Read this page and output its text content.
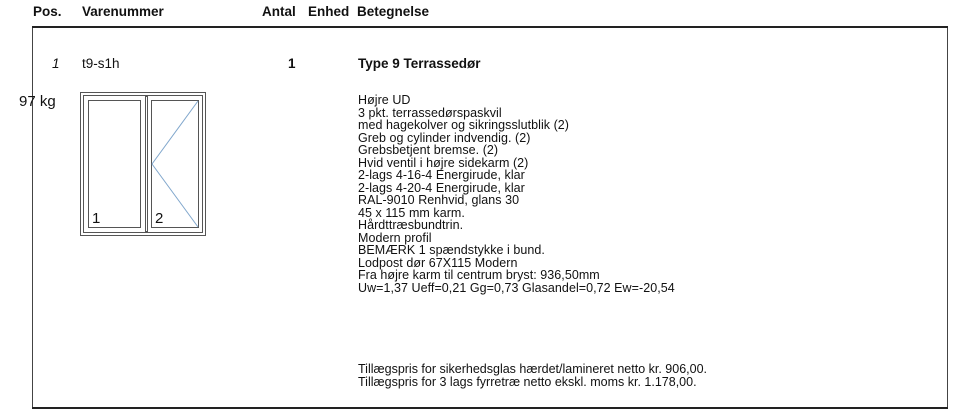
Pos. Varenummer	Antal Enhed Betegnelse
1 t9-s1h	1	Type 9 Terrassedør
97 kg
1	2
Højre UD
3 pkt. terrassedørspaskvil
med hagekolver og sikringsslutblik (2)
Greb og cylinder indvendig. (2)
Grebsbetjent bremse. (2)
Hvid ventil i højre sidekarm (2)
2-lags 4-16-4 Energirude, klar
2-lags 4-20-4 Energirude, klar
RAL-9010 Renhvid, glans 30
45 x 115 mm karm.
Hårdttræsbundtrin.
Modern profil
BEMÆRK 1 spændstykke i bund.
Lodpost dør 67X115 Modern
Fra højre karm til centrum bryst: 936,50mm
Uw=1,37 Ueff=0,21 Gg=0,73 Glasandel=0,72 Ew=-20,54
Tillægspris for sikerhedsglas hærdet/lamineret netto kr. 906,00.
Tillægspris for 3 lags fyrretræ netto ekskl. moms kr. 1.178,00.
